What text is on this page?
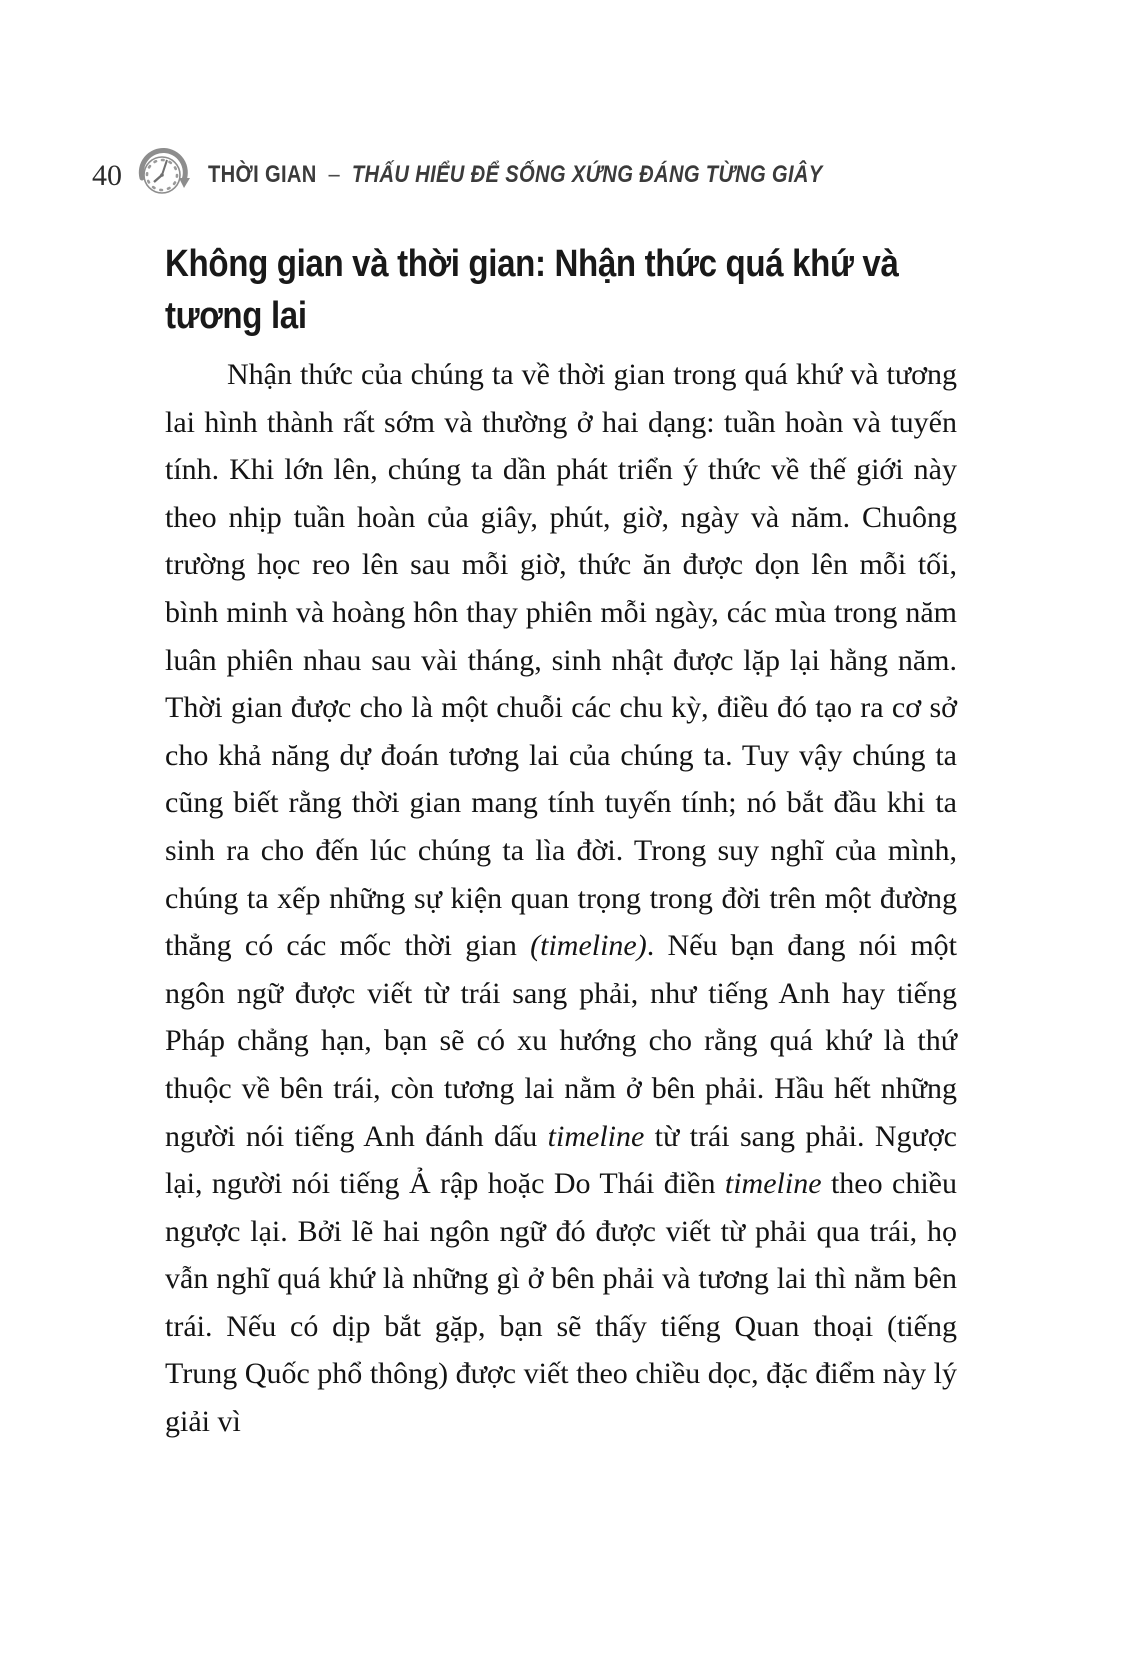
40	THỜI GIAN – THẤU HIỂU ĐỂ SỐNG XỨNG ĐÁNG TỪNG GIÂY
Không gian và thời gian: Nhận thức quá khứ và
tương lai

Nhận thức của chúng ta về thời gian trong quá khứ và tương lai hình thành rất sớm và thường ở hai dạng: tuần hoàn và tuyến tính. Khi lớn lên, chúng ta dần phát triển ý thức về thế giới này theo nhịp tuần hoàn của giây, phút, giờ, ngày và năm. Chuông trường học reo lên sau mỗi giờ, thức ăn được dọn lên mỗi tối, bình minh và hoàng hôn thay phiên mỗi ngày, các mùa trong năm luân phiên nhau sau vài tháng, sinh nhật được lặp lại hằng năm. Thời gian được cho là một chuỗi các chu kỳ, điều đó tạo ra cơ sở cho khả năng dự đoán tương lai của chúng ta. Tuy vậy chúng ta cũng biết rằng thời gian mang tính tuyến tính; nó bắt đầu khi ta sinh ra cho đến lúc chúng ta lìa đời. Trong suy nghĩ của mình, chúng ta xếp những sự kiện quan trọng trong đời trên một đường thẳng có các mốc thời gian (timeline). Nếu bạn đang nói một ngôn ngữ được viết từ trái sang phải, như tiếng Anh hay tiếng Pháp chẳng hạn, bạn sẽ có xu hướng cho rằng quá khứ là thứ thuộc về bên trái, còn tương lai nằm ở bên phải. Hầu hết những người nói tiếng Anh đánh dấu timeline từ trái sang phải. Ngược lại, người nói tiếng Ả rập hoặc Do Thái điền timeline theo chiều ngược lại. Bởi lẽ hai ngôn ngữ đó được viết từ phải qua trái, họ vẫn nghĩ quá khứ là những gì ở bên phải và tương lai thì nằm bên trái. Nếu có dịp bắt gặp, bạn sẽ thấy tiếng Quan thoại (tiếng Trung Quốc phổ thông) được viết theo chiều dọc, đặc điểm này lý giải vì
